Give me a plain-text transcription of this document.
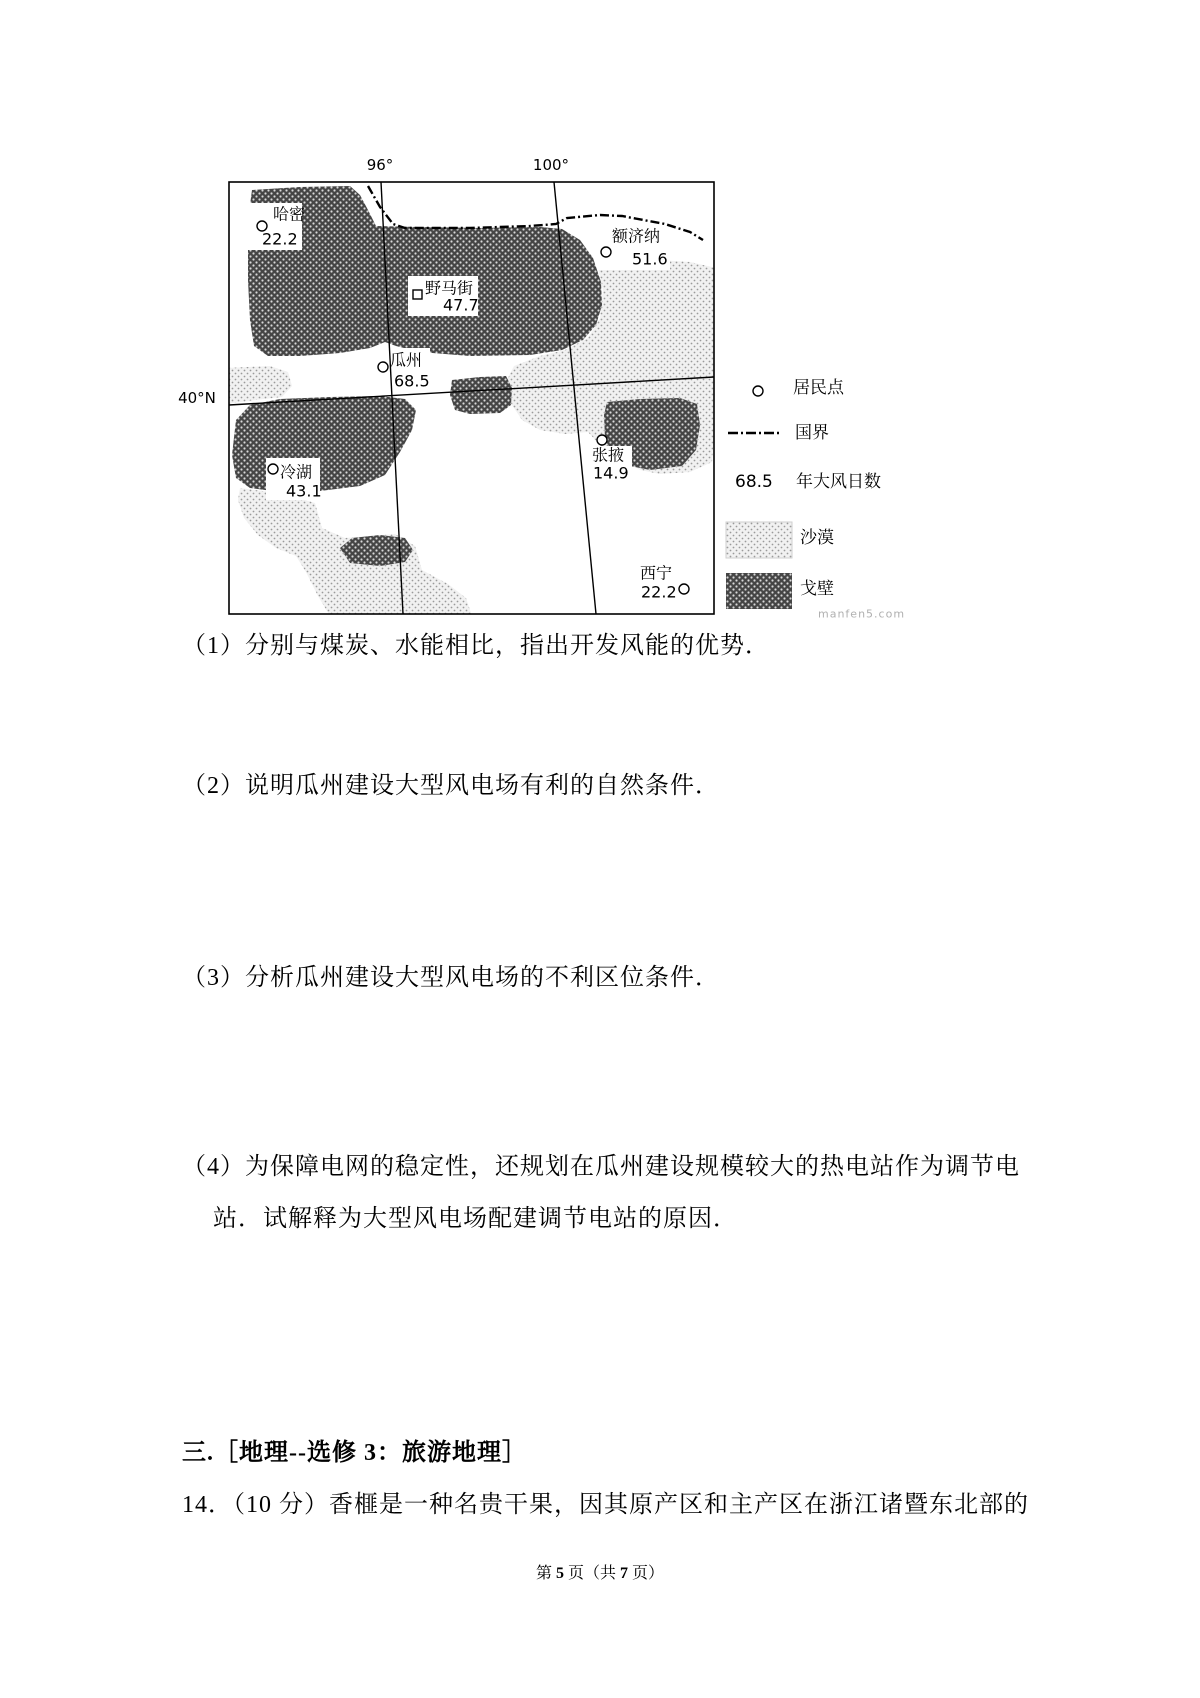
96°	100°
40°N
哈密
22.2
野马街
47.7
额济纳
51.6
瓜州
68.5
冷湖
43.1
张掖
14.9
西宁
22.2
居民点
国界
68.5 年大风日数
沙漠
戈壁
manfen5.com
（1）分别与煤炭、水能相比，指出开发风能的优势．
（2）说明瓜州建设大型风电场有利的自然条件．
（3）分析瓜州建设大型风电场的不利区位条件．
（4）为保障电网的稳定性，还规划在瓜州建设规模较大的热电站作为调节电
站．试解释为大型风电场配建调节电站的原因．
三.［地理--选修 3：旅游地理］
14．（10 分）香榧是一种名贵干果，因其原产区和主产区在浙江诸暨东北部的
第 5 页（共 7 页）
